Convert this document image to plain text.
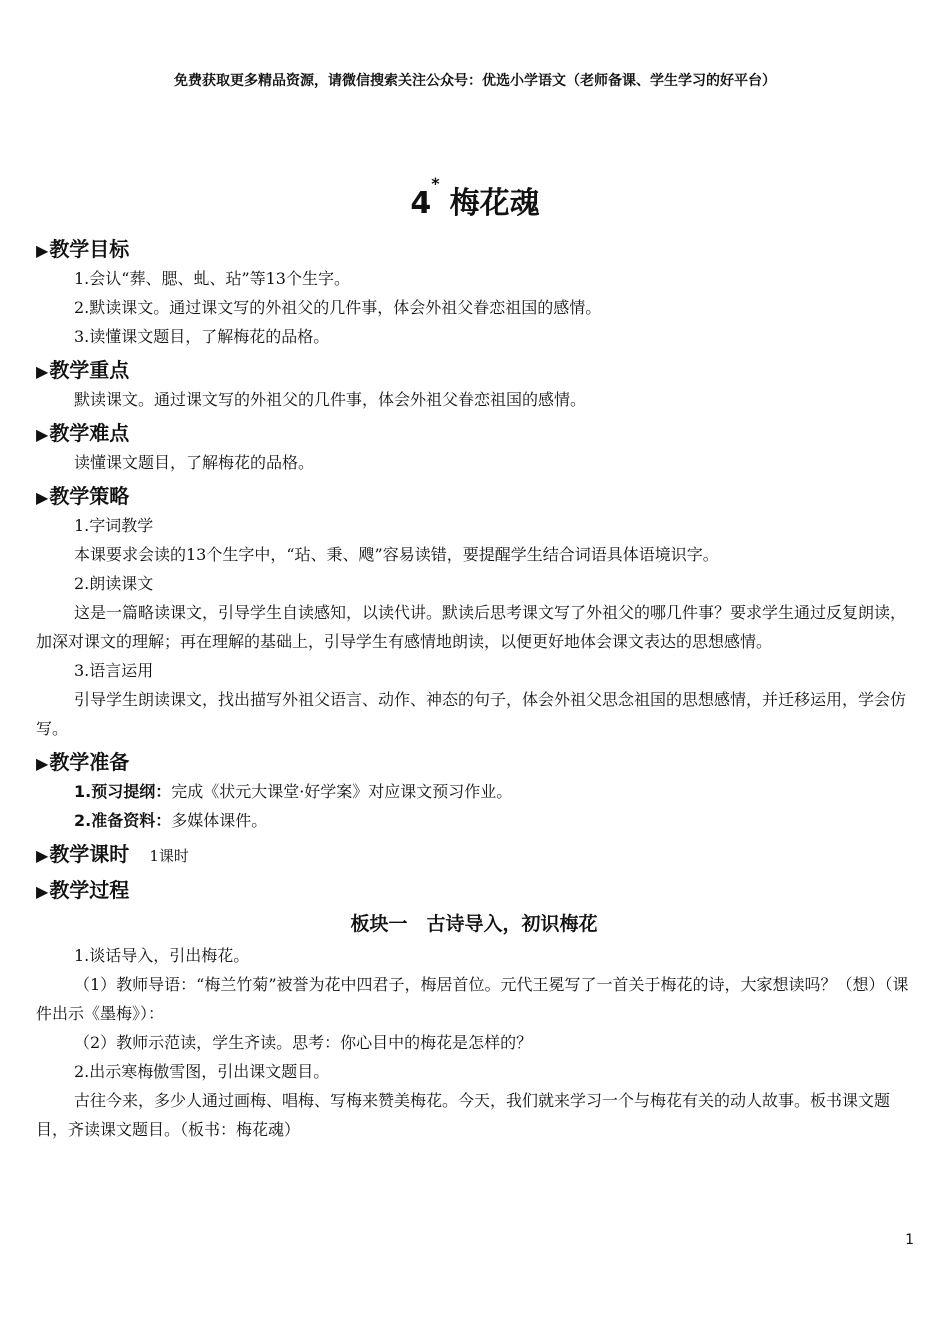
免费获取更多精品资源，请微信搜索关注公众号：优选小学语文（老师备课、学生学习的好平台）
4*梅花魂
▶教学目标

1.会认“葬、腮、虬、玷”等13个生字。

2.默读课文。通过课文写的外祖父的几件事，体会外祖父眷恋祖国的感情。

3.读懂课文题目，了解梅花的品格。

▶教学重点

默读课文。通过课文写的外祖父的几件事，体会外祖父眷恋祖国的感情。

▶教学难点

读懂课文题目，了解梅花的品格。

▶教学策略

1.字词教学

本课要求会读的13个生字中，“玷、秉、飕”容易读错，要提醒学生结合词语具体语境识字。

2.朗读课文

这是一篇略读课文，引导学生自读感知，以读代讲。默读后思考课文写了外祖父的哪几件事？要求学生通过反复朗读，加深对课文的理解；再在理解的基础上，引导学生有感情地朗读，以便更好地体会课文表达的思想感情。

3.语言运用

引导学生朗读课文，找出描写外祖父语言、动作、神态的句子，体会外祖父思念祖国的思想感情，并迁移运用，学会仿写。

▶教学准备

1.预习提纲：完成《状元大课堂·好学案》对应课文预习作业。

2.准备资料：多媒体课件。

▶教学课时 1课时
▶教学过程
板块一　古诗导入，初识梅花

1.谈话导入，引出梅花。

（1）教师导语：“梅兰竹菊”被誉为花中四君子，梅居首位。元代王冕写了一首关于梅花的诗，大家想读吗？（想）（课件出示《墨梅》）：

（2）教师示范读，学生齐读。思考：你心目中的梅花是怎样的？

2.出示寒梅傲雪图，引出课文题目。

古往今来，多少人通过画梅、唱梅、写梅来赞美梅花。今天，我们就来学习一个与梅花有关的动人故事。板书课文题目，齐读课文题目。（板书：梅花魂）

1
